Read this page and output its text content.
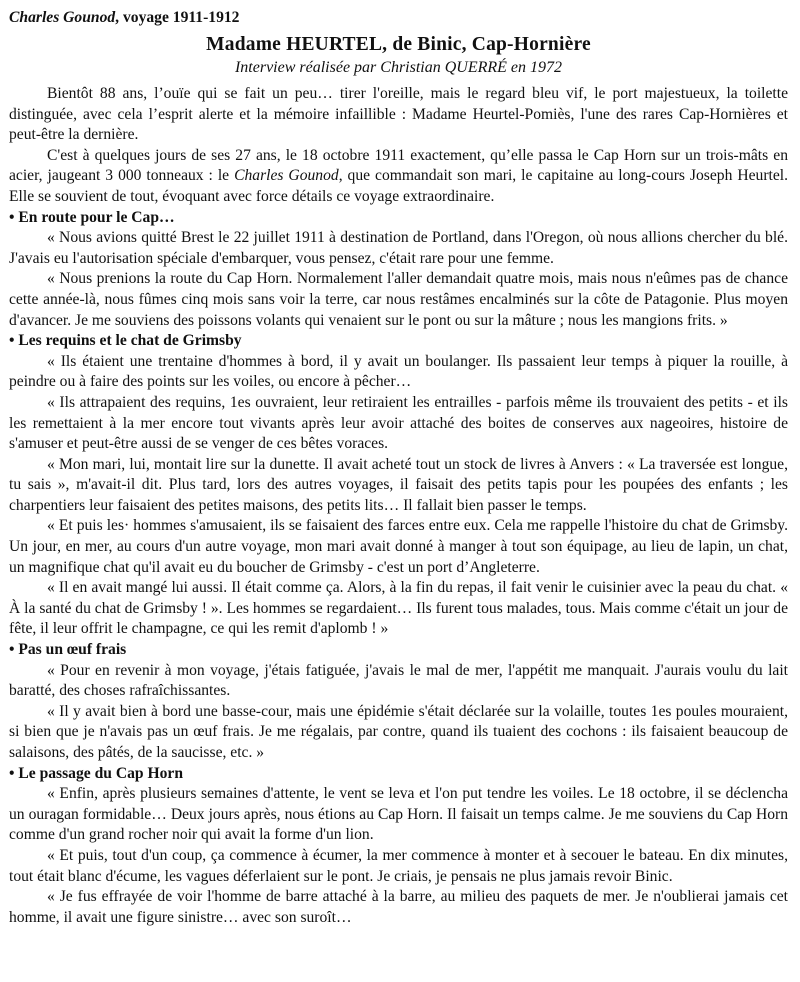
Charles Gounod, voyage 1911-1912

Madame HEURTEL, de Binic, Cap-Hornière
Interview réalisée par Christian QUERRÉ en 1972

Bientôt 88 ans, l’ouïe qui se fait un peu… tirer l'oreille, mais le regard bleu vif, le port majestueux, la toilette distinguée, avec cela l’esprit alerte et la mémoire infaillible : Madame Heurtel-Pomiès, l'une des rares Cap-Hornières et peut-être la dernière.

C'est à quelques jours de ses 27 ans, le 18 octobre 1911 exactement, qu’elle passa le Cap Horn sur un trois-mâts en acier, jaugeant 3 000 tonneaux : le Charles Gounod, que commandait son mari, le capitaine au long-cours Joseph Heurtel. Elle se souvient de tout, évoquant avec force détails ce voyage extraordinaire.

• En route pour le Cap…

« Nous avions quitté Brest le 22 juillet 1911 à destination de Portland, dans l'Oregon, où nous allions chercher du blé. J'avais eu l'autorisation spéciale d'embarquer, vous pensez, c'était rare pour une femme.

« Nous prenions la route du Cap Horn. Normalement l'aller demandait quatre mois, mais nous n'eûmes pas de chance cette année-là, nous fûmes cinq mois sans voir la terre, car nous restâmes encalminés sur la côte de Patagonie. Plus moyen d'avancer. Je me souviens des poissons volants qui venaient sur le pont ou sur la mâture ; nous les mangions frits. »

• Les requins et le chat de Grimsby

« Ils étaient une trentaine d'hommes à bord, il y avait un boulanger. Ils passaient leur temps à piquer la rouille, à peindre ou à faire des points sur les voiles, ou encore à pêcher…

« Ils attrapaient des requins, 1es ouvraient, leur retiraient les entrailles - parfois même ils trouvaient des petits - et ils les remettaient à la mer encore tout vivants après leur avoir attaché des boites de conserves aux nageoires, histoire de s'amuser et peut-être aussi de se venger de ces bêtes voraces.

« Mon mari, lui, montait lire sur la dunette. Il avait acheté tout un stock de livres à Anvers : « La traversée est longue, tu sais », m'avait-il dit. Plus tard, lors des autres voyages, il faisait des petits tapis pour les poupées des enfants ; les charpentiers leur faisaient des petites maisons, des petits lits… Il fallait bien passer le temps.

« Et puis les· hommes s'amusaient, ils se faisaient des farces entre eux. Cela me rappelle l'histoire du chat de Grimsby. Un jour, en mer, au cours d'un autre voyage, mon mari avait donné à manger à tout son équipage, au lieu de lapin, un chat, un magnifique chat qu'il avait eu du boucher de Grimsby - c'est un port d’Angleterre.

« Il en avait mangé lui aussi. Il était comme ça. Alors, à la fin du repas, il fait venir le cuisinier avec la peau du chat. « À la santé du chat de Grimsby ! ». Les hommes se regardaient… Ils furent tous malades, tous. Mais comme c'était un jour de fête, il leur offrit le champagne, ce qui les remit d'aplomb ! »

• Pas un œuf frais

« Pour en revenir à mon voyage, j'étais fatiguée, j'avais le mal de mer, l'appétit me manquait. J'aurais voulu du lait baratté, des choses rafraîchissantes.

« Il y avait bien à bord une basse-cour, mais une épidémie s'était déclarée sur la volaille, toutes 1es poules mouraient, si bien que je n'avais pas un œuf frais. Je me régalais, par contre, quand ils tuaient des cochons : ils faisaient beaucoup de salaisons, des pâtés, de la saucisse, etc. »

• Le passage du Cap Horn

« Enfin, après plusieurs semaines d'attente, le vent se leva et l'on put tendre les voiles. Le 18 octobre, il se déclencha un ouragan formidable… Deux jours après, nous étions au Cap Horn. Il faisait un temps calme. Je me souviens du Cap Horn comme d'un grand rocher noir qui avait la forme d'un lion.

« Et puis, tout d'un coup, ça commence à écumer, la mer commence à monter et à secouer le bateau. En dix minutes, tout était blanc d'écume, les vagues déferlaient sur le pont. Je criais, je pensais ne plus jamais revoir Binic.

« Je fus effrayée de voir l'homme de barre attaché à la barre, au milieu des paquets de mer. Je n'oublierai jamais cet homme, il avait une figure sinistre… avec son suroît…
